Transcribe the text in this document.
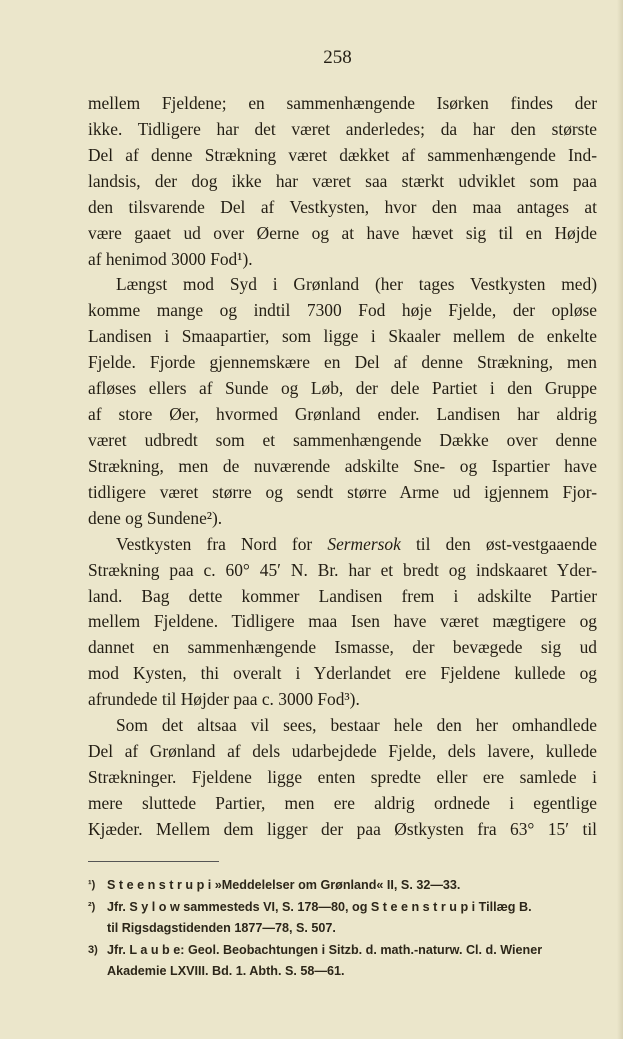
258
mellem Fjeldene; en sammenhængende Isørken findes der
ikke. Tidligere har det været anderledes; da har den største
Del af denne Strækning været dækket af sammenhængende Ind-
landsis, der dog ikke har været saa stærkt udviklet som paa
den tilsvarende Del af Vestkysten, hvor den maa antages at
være gaaet ud over Øerne og at have hævet sig til en Højde
af henimod 3000 Fod¹).
Længst mod Syd i Grønland (her tages Vestkysten med)
komme mange og indtil 7300 Fod høje Fjelde, der opløse
Landisen i Smaapartier, som ligge i Skaaler mellem de enkelte
Fjelde. Fjorde gjennemskære en Del af denne Strækning, men
afløses ellers af Sunde og Løb, der dele Partiet i den Gruppe
af store Øer, hvormed Grønland ender. Landisen har aldrig
været udbredt som et sammenhængende Dække over denne
Strækning, men de nuværende adskilte Sne- og Ispartier have
tidligere været større og sendt større Arme ud igjennem Fjor-
dene og Sundene²).
Vestkysten fra Nord for Sermersok til den øst-vestgaaende
Strækning paa c. 60° 45′ N. Br. har et bredt og indskaaret Yder-
land. Bag dette kommer Landisen frem i adskilte Partier
mellem Fjeldene. Tidligere maa Isen have været mægtigere og
dannet en sammenhængende Ismasse, der bevægede sig ud
mod Kysten, thi overalt i Yderlandet ere Fjeldene kullede og
afrundede til Højder paa c. 3000 Fod³).
Som det altsaa vil sees, bestaar hele den her omhandlede
Del af Grønland af dels udarbejdede Fjelde, dels lavere, kullede
Strækninger. Fjeldene ligge enten spredte eller ere samlede i
mere sluttede Partier, men ere aldrig ordnede i egentlige
Kjæder. Mellem dem ligger der paa Østkysten fra 63° 15′ til
¹) S t e e n s t r u p i »Meddelelser om Grønland« II, S. 32—33.
²) Jfr. S y l o w sammesteds VI, S. 178—80, og S t e e n s t r u p i Tillæg B.
til Rigsdagstidenden 1877—78, S. 507.
3) Jfr. L a u b e: Geol. Beobachtungen i Sitzb. d. math.-naturw. Cl. d. Wiener
Akademie LXVIII. Bd. 1. Abth. S. 58—61.
